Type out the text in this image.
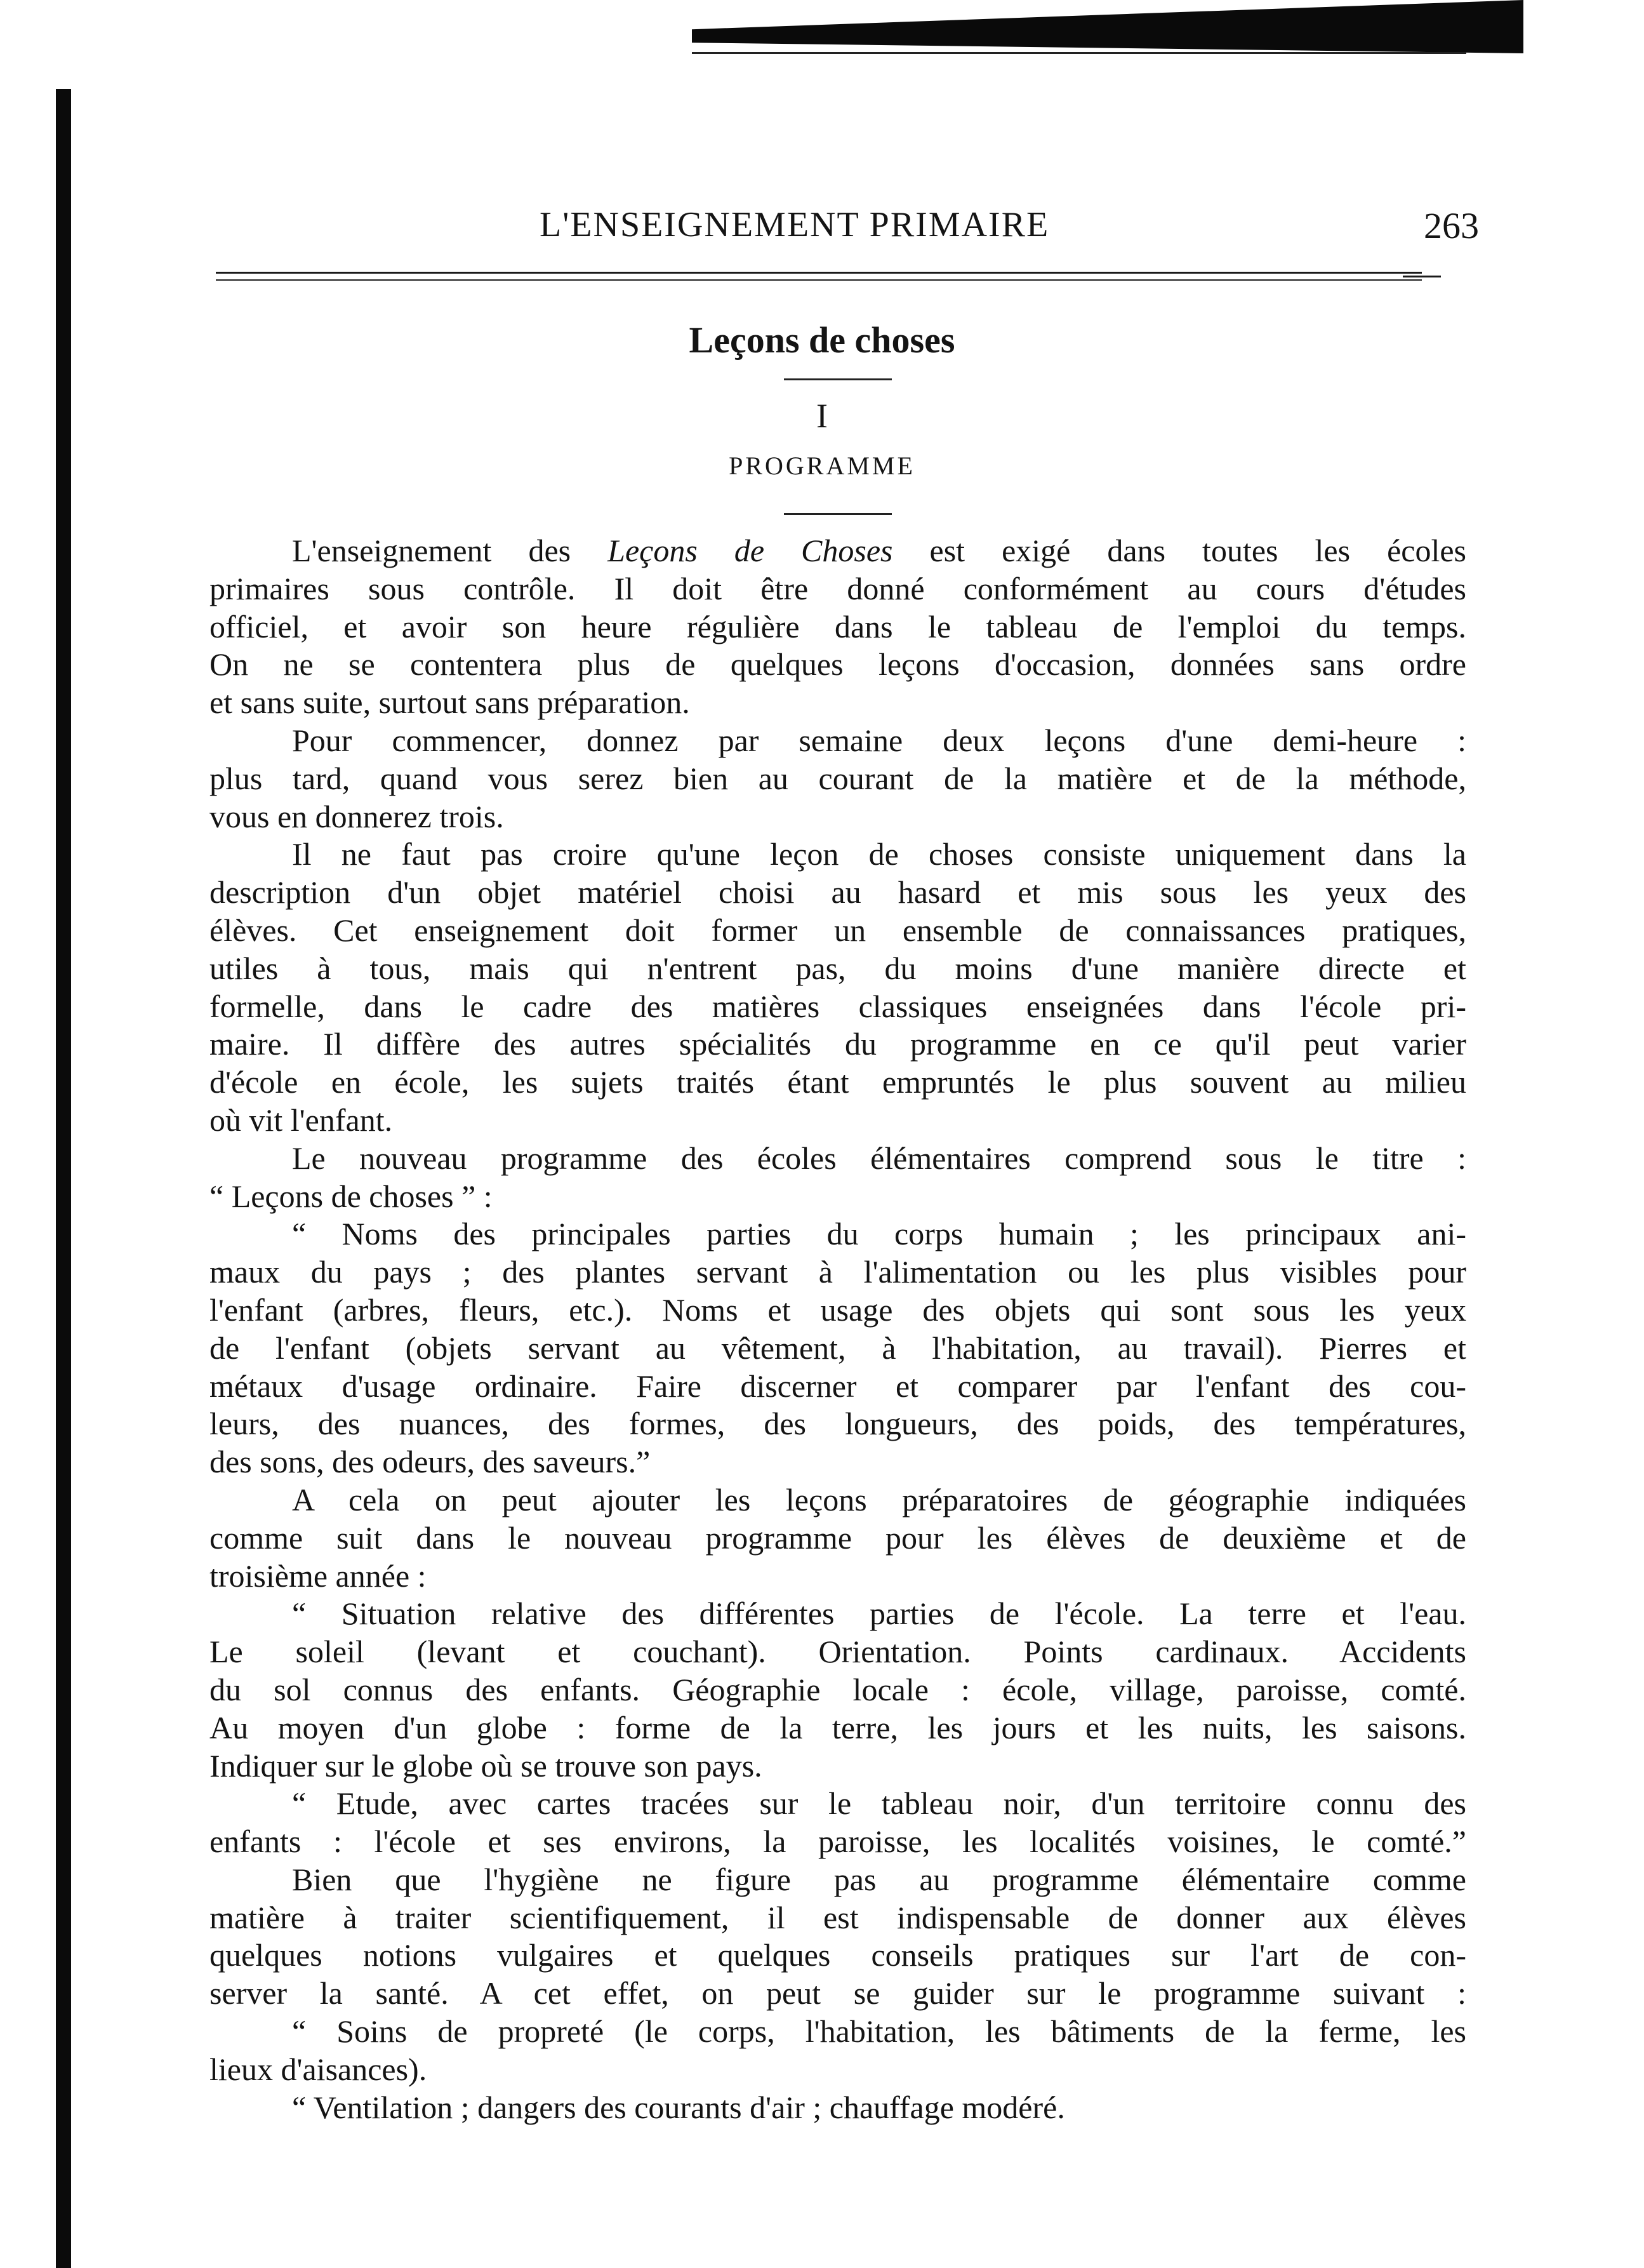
L'ENSEIGNEMENT PRIMAIRE	263
Leçons de choses
I
PROGRAMME
L'enseignement des Leçons de Choses est exigé dans toutes les écoles
primaires sous contrôle. Il doit être donné conformément au cours d'études
officiel, et avoir son heure régulière dans le tableau de l'emploi du temps.
On ne se contentera plus de quelques leçons d'occasion, données sans ordre
et sans suite, surtout sans préparation.
Pour commencer, donnez par semaine deux leçons d'une demi-heure :
plus tard, quand vous serez bien au courant de la matière et de la méthode,
vous en donnerez trois.
Il ne faut pas croire qu'une leçon de choses consiste uniquement dans la
description d'un objet matériel choisi au hasard et mis sous les yeux des
élèves. Cet enseignement doit former un ensemble de connaissances pratiques,
utiles à tous, mais qui n'entrent pas, du moins d'une manière directe et
formelle, dans le cadre des matières classiques enseignées dans l'école pri-
maire. Il diffère des autres spécialités du programme en ce qu'il peut varier
d'école en école, les sujets traités étant empruntés le plus souvent au milieu
où vit l'enfant.
Le nouveau programme des écoles élémentaires comprend sous le titre :
“ Leçons de choses ” :
“ Noms des principales parties du corps humain ; les principaux ani-
maux du pays ; des plantes servant à l'alimentation ou les plus visibles pour
l'enfant (arbres, fleurs, etc.). Noms et usage des objets qui sont sous les yeux
de l'enfant (objets servant au vêtement, à l'habitation, au travail). Pierres et
métaux d'usage ordinaire. Faire discerner et comparer par l'enfant des cou-
leurs, des nuances, des formes, des longueurs, des poids, des températures,
des sons, des odeurs, des saveurs.”
A cela on peut ajouter les leçons préparatoires de géographie indiquées
comme suit dans le nouveau programme pour les élèves de deuxième et de
troisième année :
“ Situation relative des différentes parties de l'école. La terre et l'eau.
Le soleil (levant et couchant). Orientation. Points cardinaux. Accidents
du sol connus des enfants. Géographie locale : école, village, paroisse, comté.
Au moyen d'un globe : forme de la terre, les jours et les nuits, les saisons.
Indiquer sur le globe où se trouve son pays.
“ Etude, avec cartes tracées sur le tableau noir, d'un territoire connu des
enfants : l'école et ses environs, la paroisse, les localités voisines, le comté.”
Bien que l'hygiène ne figure pas au programme élémentaire comme
matière à traiter scientifiquement, il est indispensable de donner aux élèves
quelques notions vulgaires et quelques conseils pratiques sur l'art de con-
server la santé. A cet effet, on peut se guider sur le programme suivant :
“ Soins de propreté (le corps, l'habitation, les bâtiments de la ferme, les
lieux d'aisances).
“ Ventilation ; dangers des courants d'air ; chauffage modéré.
